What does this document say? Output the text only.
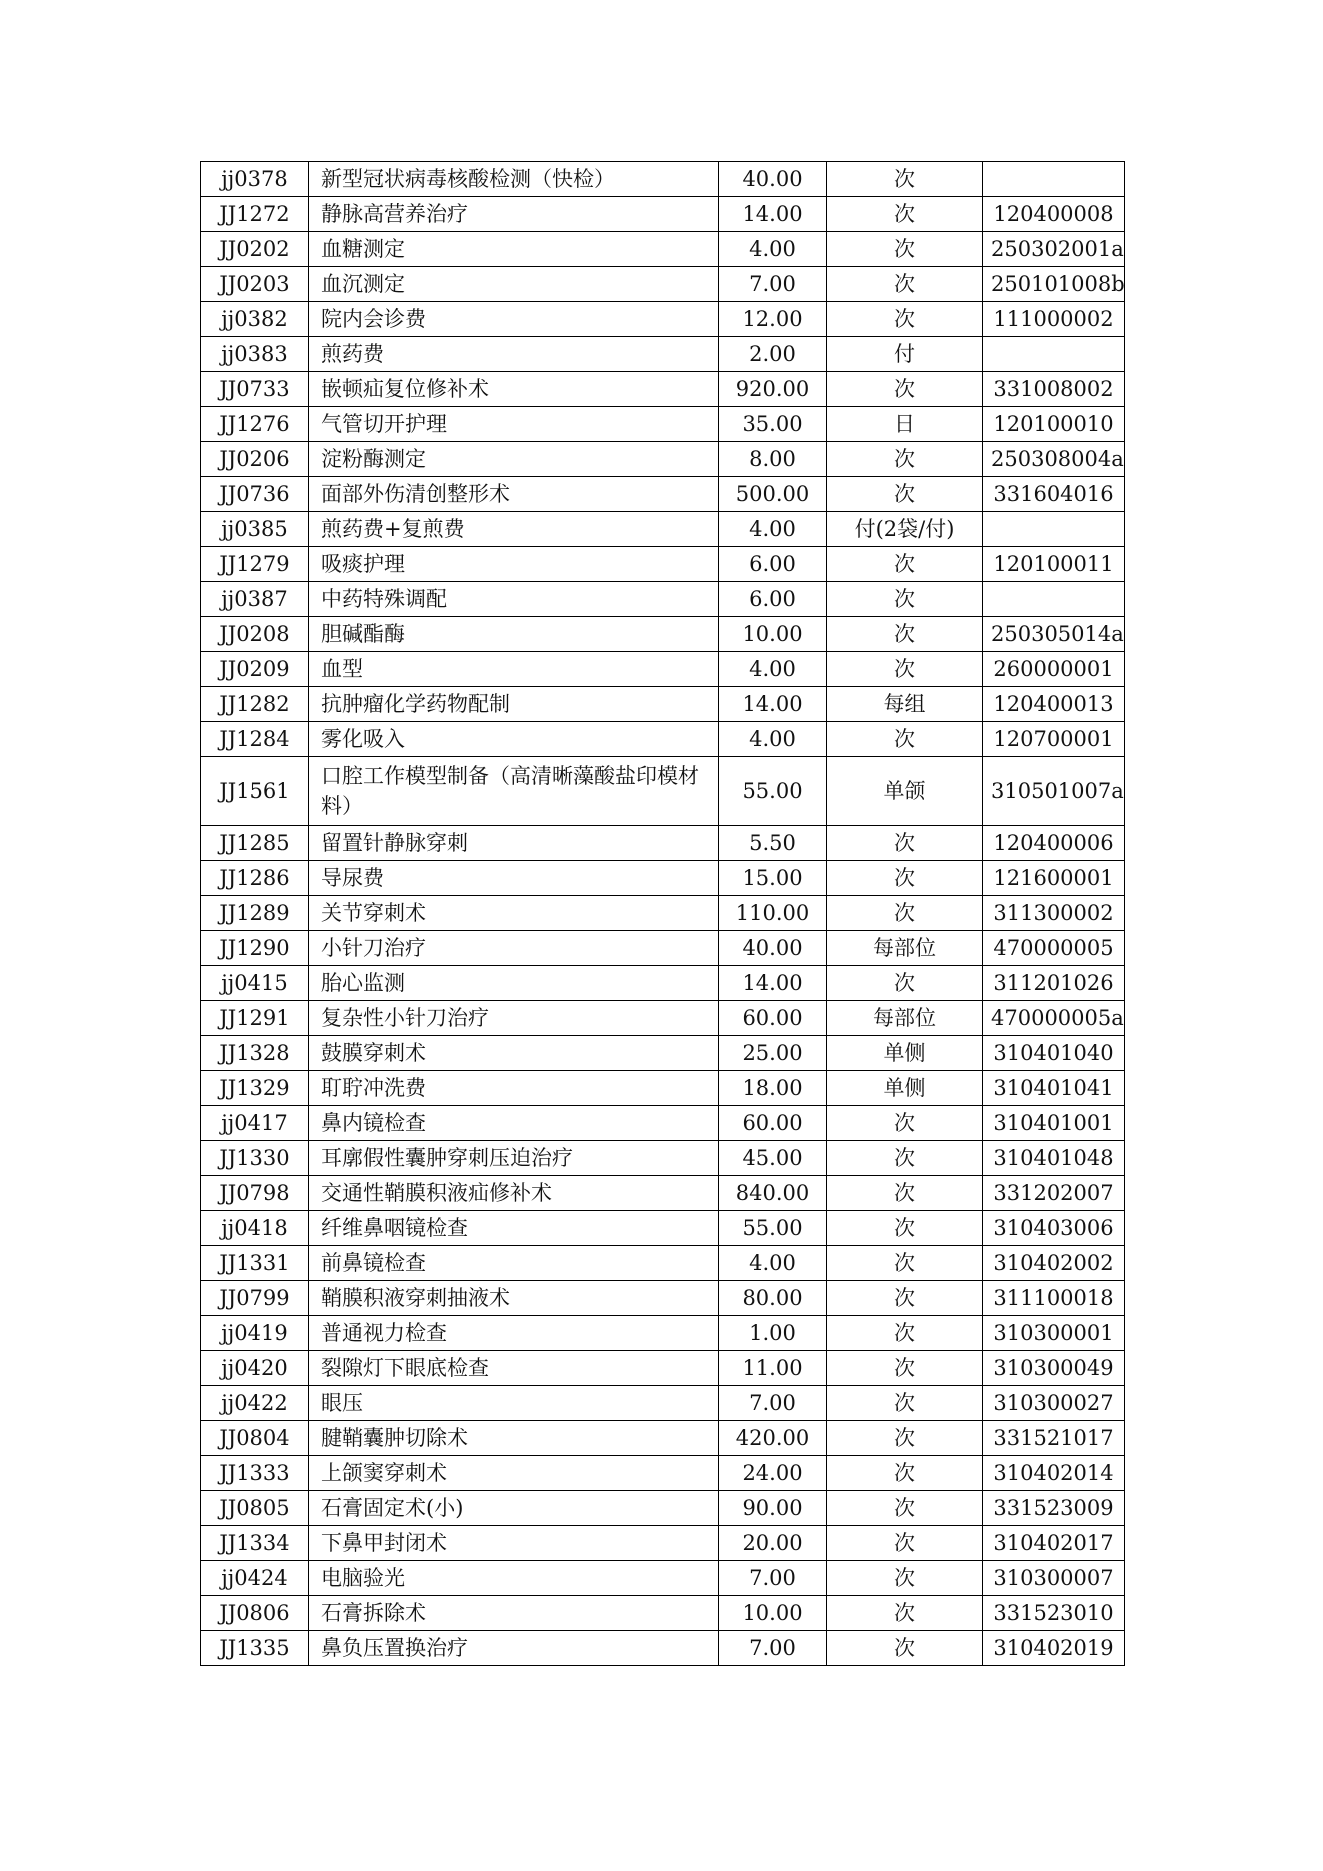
jj0378	新型冠状病毒核酸检测（快检）	40.00	次	
JJ1272	静脉高营养治疗	14.00	次	120400008
JJ0202	血糖测定	4.00	次	250302001a
JJ0203	血沉测定	7.00	次	250101008b
jj0382	院内会诊费	12.00	次	111000002
jj0383	煎药费	2.00	付	
JJ0733	嵌顿疝复位修补术	920.00	次	331008002
JJ1276	气管切开护理	35.00	日	120100010
JJ0206	淀粉酶测定	8.00	次	250308004a
JJ0736	面部外伤清创整形术	500.00	次	331604016
jj0385	煎药费+复煎费	4.00	付(2袋/付)	
JJ1279	吸痰护理	6.00	次	120100011
jj0387	中药特殊调配	6.00	次	
JJ0208	胆碱酯酶	10.00	次	250305014a
JJ0209	血型	4.00	次	260000001
JJ1282	抗肿瘤化学药物配制	14.00	每组	120400013
JJ1284	雾化吸入	4.00	次	120700001
JJ1561	口腔工作模型制备（高清晰藻酸盐印模材料）	55.00	单颌	310501007a
JJ1285	留置针静脉穿刺	5.50	次	120400006
JJ1286	导尿费	15.00	次	121600001
JJ1289	关节穿刺术	110.00	次	311300002
JJ1290	小针刀治疗	40.00	每部位	470000005
jj0415	胎心监测	14.00	次	311201026
JJ1291	复杂性小针刀治疗	60.00	每部位	470000005a
JJ1328	鼓膜穿刺术	25.00	单侧	310401040
JJ1329	耵聍冲洗费	18.00	单侧	310401041
jj0417	鼻内镜检查	60.00	次	310401001
JJ1330	耳廓假性囊肿穿刺压迫治疗	45.00	次	310401048
JJ0798	交通性鞘膜积液疝修补术	840.00	次	331202007
jj0418	纤维鼻咽镜检查	55.00	次	310403006
JJ1331	前鼻镜检查	4.00	次	310402002
JJ0799	鞘膜积液穿刺抽液术	80.00	次	311100018
jj0419	普通视力检查	1.00	次	310300001
jj0420	裂隙灯下眼底检查	11.00	次	310300049
jj0422	眼压	7.00	次	310300027
JJ0804	腱鞘囊肿切除术	420.00	次	331521017
JJ1333	上颌窦穿刺术	24.00	次	310402014
JJ0805	石膏固定术(小)	90.00	次	331523009
JJ1334	下鼻甲封闭术	20.00	次	310402017
jj0424	电脑验光	7.00	次	310300007
JJ0806	石膏拆除术	10.00	次	331523010
JJ1335	鼻负压置换治疗	7.00	次	310402019
